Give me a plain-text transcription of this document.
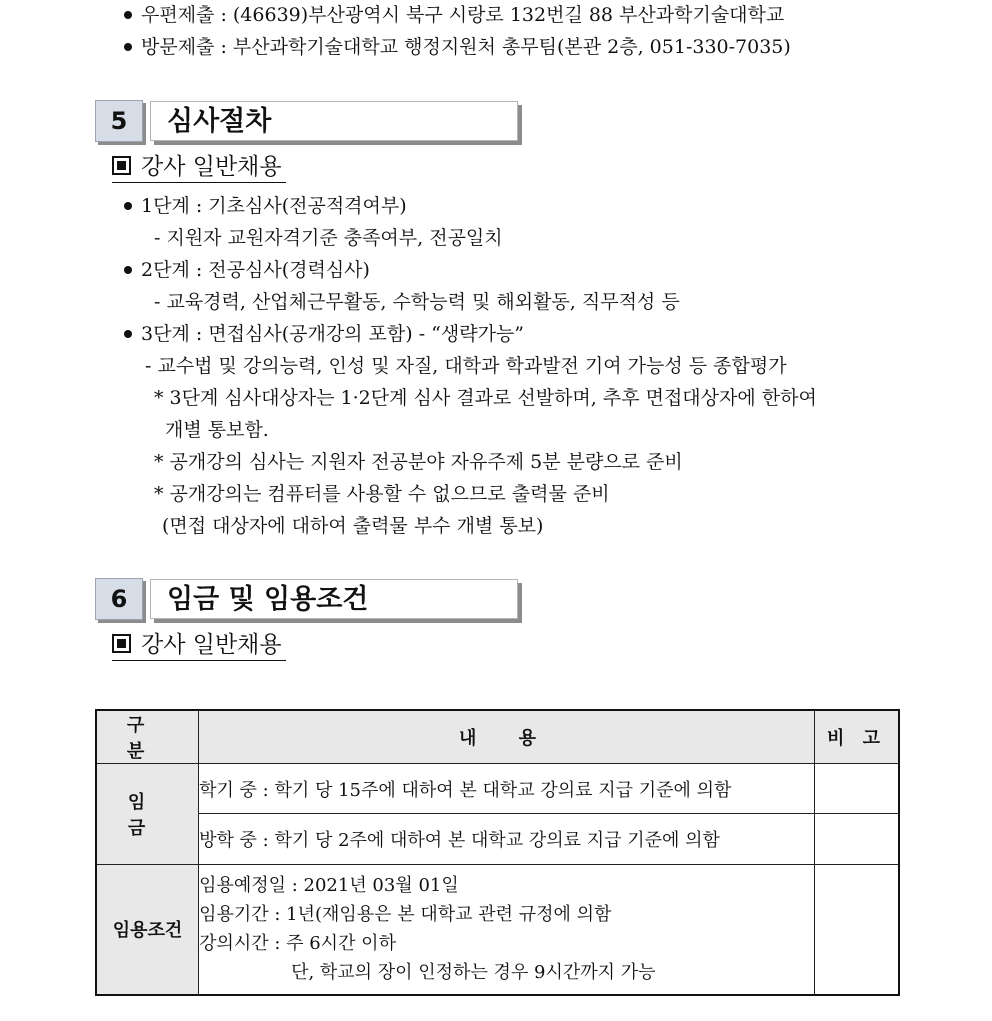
우편제출 : (46639)부산광역시 북구 시랑로 132번길 88 부산과학기술대학교
방문제출 : 부산과학기술대학교 행정지원처 총무팀(본관 2층, 051-330-7035)
5	심사절차
강사 일반채용
1단계 : 기초심사(전공적격여부)
- 지원자 교원자격기준 충족여부, 전공일치
2단계 : 전공심사(경력심사)
- 교육경력, 산업체근무활동, 수학능력 및 해외활동, 직무적성 등
3단계 : 면접심사(공개강의 포함) - “생략가능”
- 교수법 및 강의능력, 인성 및 자질, 대학과 학과발전 기여 가능성 등 종합평가
* 3단계 심사대상자는 1·2단계 심사 결과로 선발하며, 추후 면접대상자에 한하여
개별 통보함.
* 공개강의 심사는 지원자 전공분야 자유주제 5분 분량으로 준비
* 공개강의는 컴퓨터를 사용할 수 없으므로 출력물 준비
(면접 대상자에 대하여 출력물 부수 개별 통보)
6	임금 및 임용조건
강사 일반채용
구 분	내 용	비 고
임 금	학기 중 : 학기 당 15주에 대하여 본 대학교 강의료 지급 기준에 의함	
	방학 중 : 학기 당 2주에 대하여 본 대학교 강의료 지급 기준에 의함	
임용조건	임용예정일 : 2021년 03월 01일
임용기간 : 1년(재임용은 본 대학교 관련 규정에 의함
강의시간 : 주 6시간 이하
단, 학교의 장이 인정하는 경우 9시간까지 가능	
